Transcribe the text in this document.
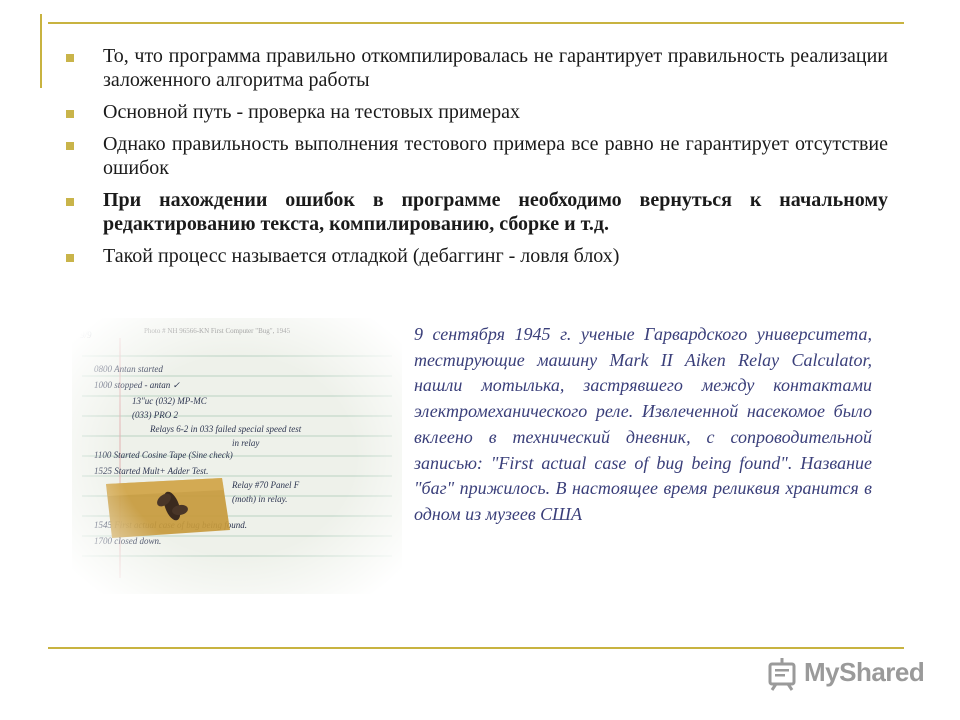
То, что программа правильно откомпилировалась не гарантирует правильность реализации заложенного алгоритма работы
Основной путь - проверка на тестовых примерах
Однако правильность выполнения тестового примера все равно не гарантирует отсутствие ошибок
При нахождении ошибок в программе необходимо вернуться к начальному редактированию текста, компилированию, сборке и т.д.
Такой процесс называется отладкой (дебаггинг - ловля блох)

9 сентября 1945 г. ученые Гарвардского университета, тестирующие машину Mark II Aiken Relay Calculator, нашли мотылька, застрявшего между контактами электромеханического реле. Извлеченной насекомое было вклеено в технический дневник, с сопроводительной записью: "First actual case of bug being found". Название "баг" прижилось. В настоящее время реликвия хранится в одном из музеев США

MyShared
